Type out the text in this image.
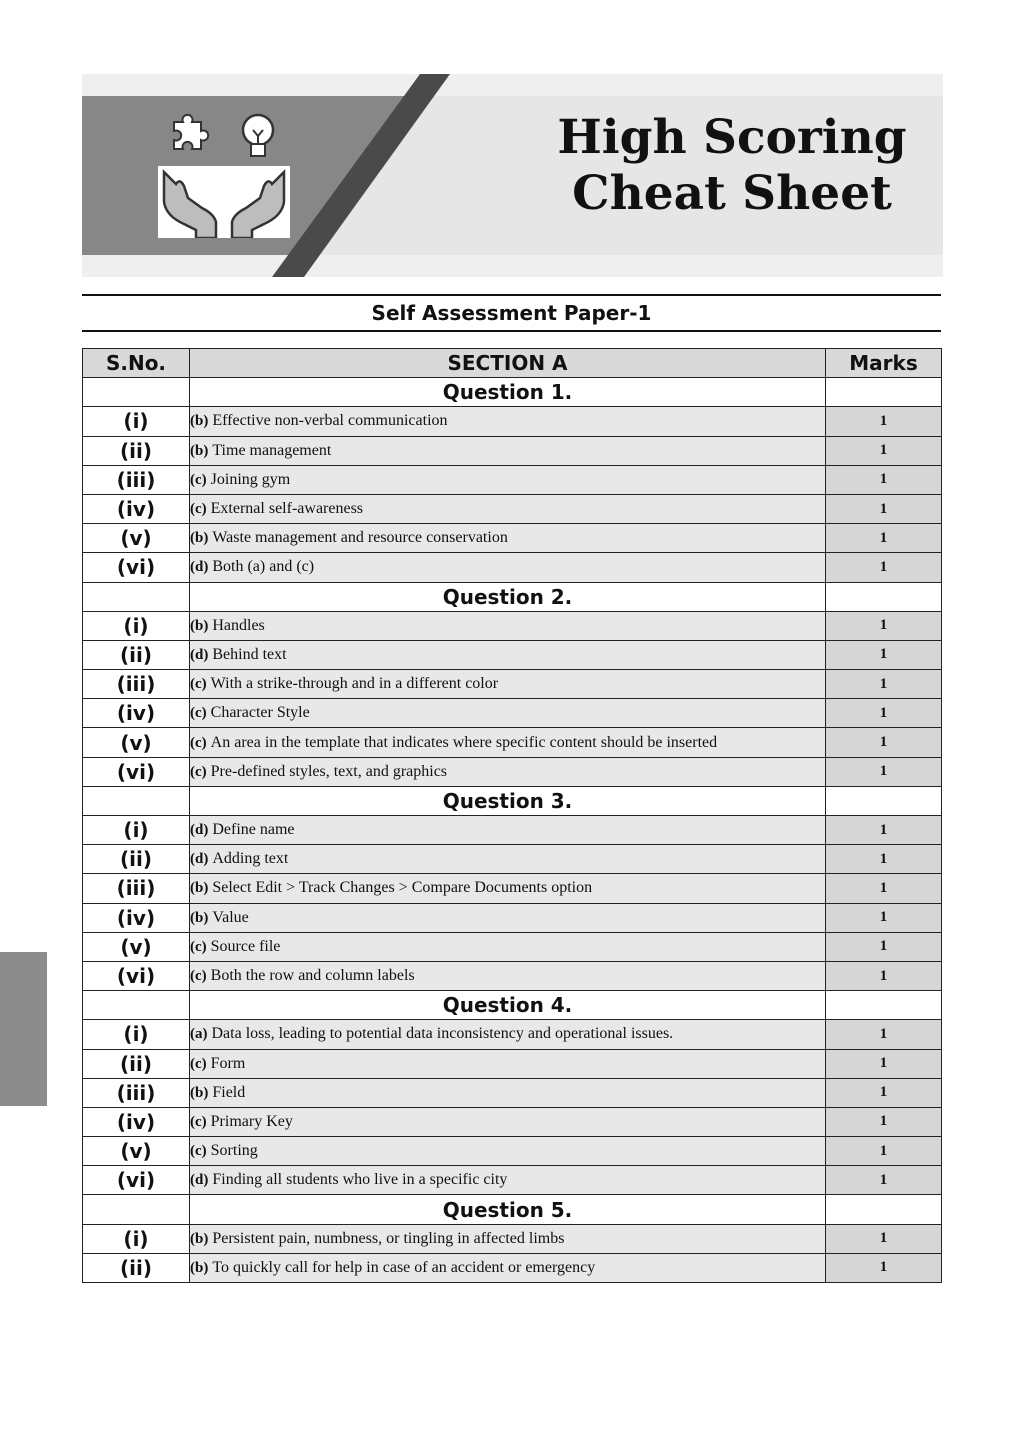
High Scoring
Cheat Sheet
Self Assessment Paper-1
S.No.	SECTION A	Marks
	Question 1.	
(i)	(b) Effective non-verbal communication	1
(ii)	(b) Time management	1
(iii)	(c) Joining gym	1
(iv)	(c) External self-awareness	1
(v)	(b) Waste management and resource conservation	1
(vi)	(d) Both (a) and (c)	1
	Question 2.	
(i)	(b) Handles	1
(ii)	(d) Behind text	1
(iii)	(c) With a strike-through and in a different color	1
(iv)	(c) Character Style	1
(v)	(c) An area in the template that indicates where specific content should be inserted	1
(vi)	(c) Pre-defined styles, text, and graphics	1
	Question 3.	
(i)	(d) Define name	1
(ii)	(d) Adding text	1
(iii)	(b) Select Edit > Track Changes > Compare Documents option	1
(iv)	(b) Value	1
(v)	(c) Source file	1
(vi)	(c) Both the row and column labels	1
	Question 4.	
(i)	(a) Data loss, leading to potential data inconsistency and operational issues.	1
(ii)	(c) Form	1
(iii)	(b) Field	1
(iv)	(c) Primary Key	1
(v)	(c) Sorting	1
(vi)	(d) Finding all students who live in a specific city	1
	Question 5.	
(i)	(b) Persistent pain, numbness, or tingling in affected limbs	1
(ii)	(b) To quickly call for help in case of an accident or emergency	1
